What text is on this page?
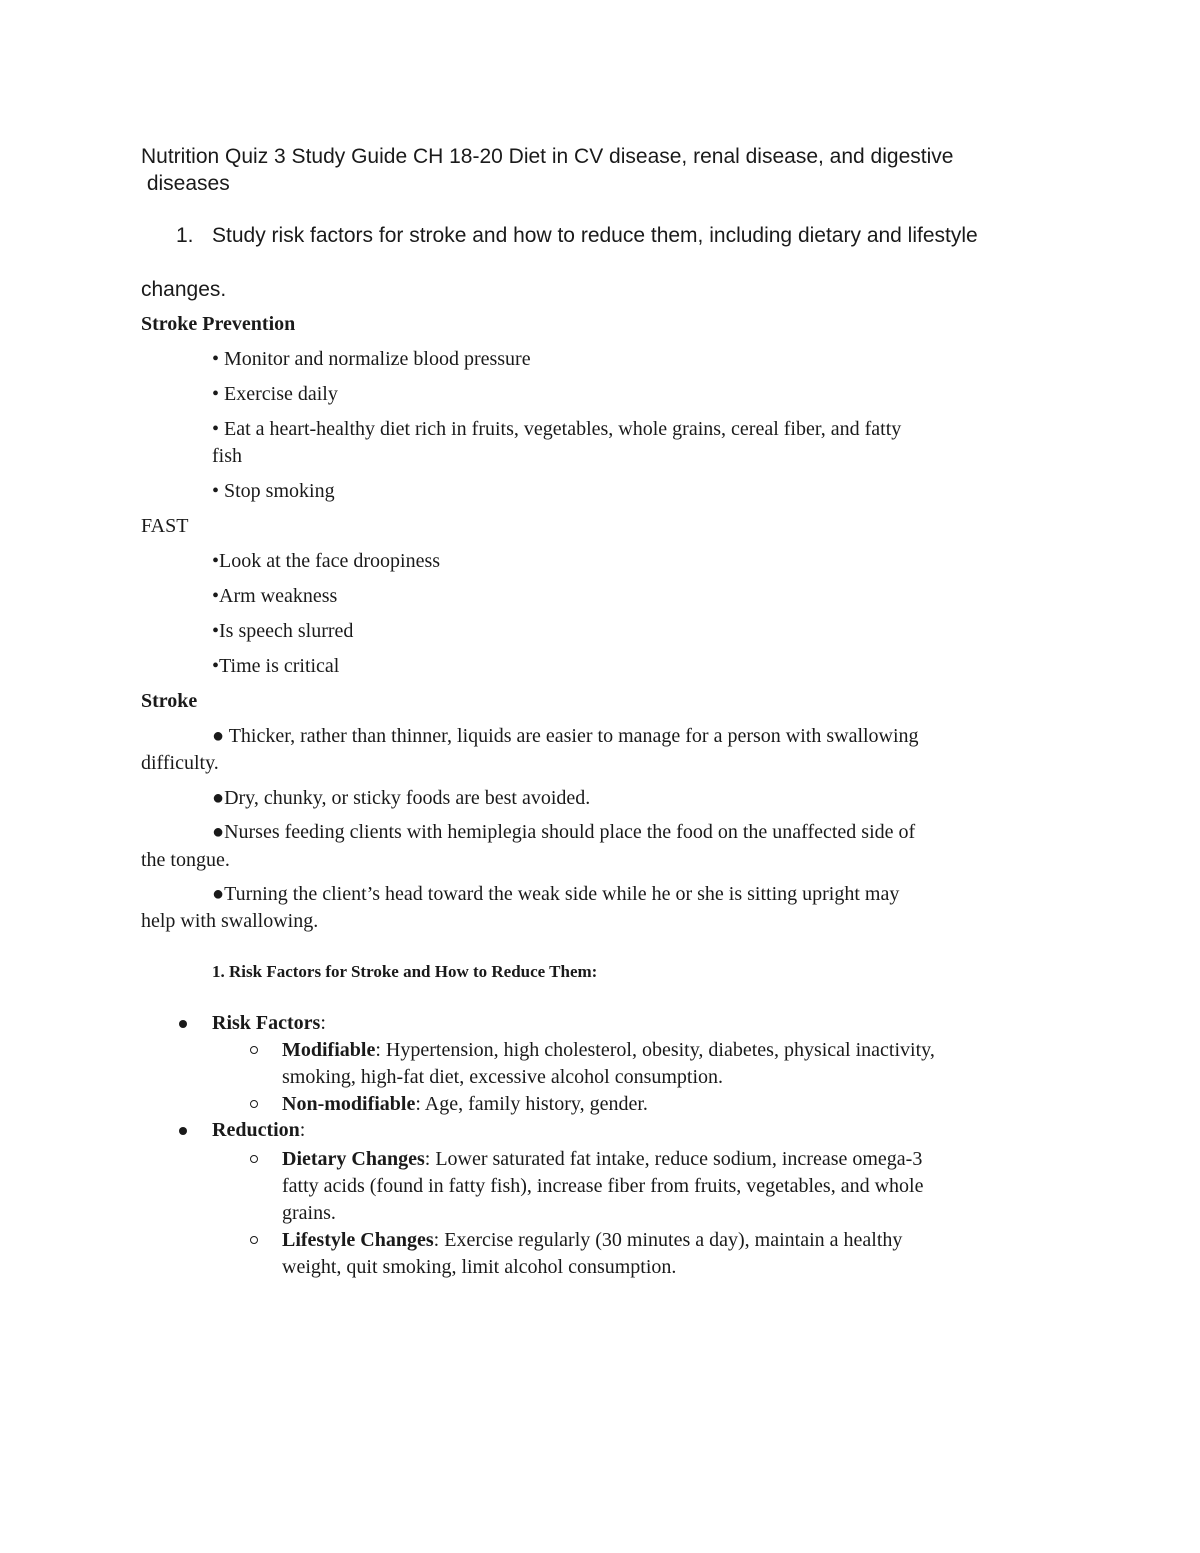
Nutrition Quiz 3 Study Guide CH 18-20 Diet in CV disease, renal disease, and digestive
diseases
1. Study risk factors for stroke and how to reduce them, including dietary and lifestyle
changes.
Stroke Prevention
• Monitor and normalize blood pressure
• Exercise daily
• Eat a heart-healthy diet rich in fruits, vegetables, whole grains, cereal fiber, and fatty
fish
• Stop smoking
FAST
•Look at the face droopiness
•Arm weakness
•Is speech slurred
•Time is critical
Stroke
● Thicker, rather than thinner, liquids are easier to manage for a person with swallowing
difficulty.
●Dry, chunky, or sticky foods are best avoided.
●Nurses feeding clients with hemiplegia should place the food on the unaffected side of
the tongue.
●Turning the client’s head toward the weak side while he or she is sitting upright may
help with swallowing.
1. Risk Factors for Stroke and How to Reduce Them:
Risk Factors:
Modifiable: Hypertension, high cholesterol, obesity, diabetes, physical inactivity,
smoking, high-fat diet, excessive alcohol consumption.
Non-modifiable: Age, family history, gender.
Reduction:
Dietary Changes: Lower saturated fat intake, reduce sodium, increase omega-3
fatty acids (found in fatty fish), increase fiber from fruits, vegetables, and whole
grains.
Lifestyle Changes: Exercise regularly (30 minutes a day), maintain a healthy
weight, quit smoking, limit alcohol consumption.
